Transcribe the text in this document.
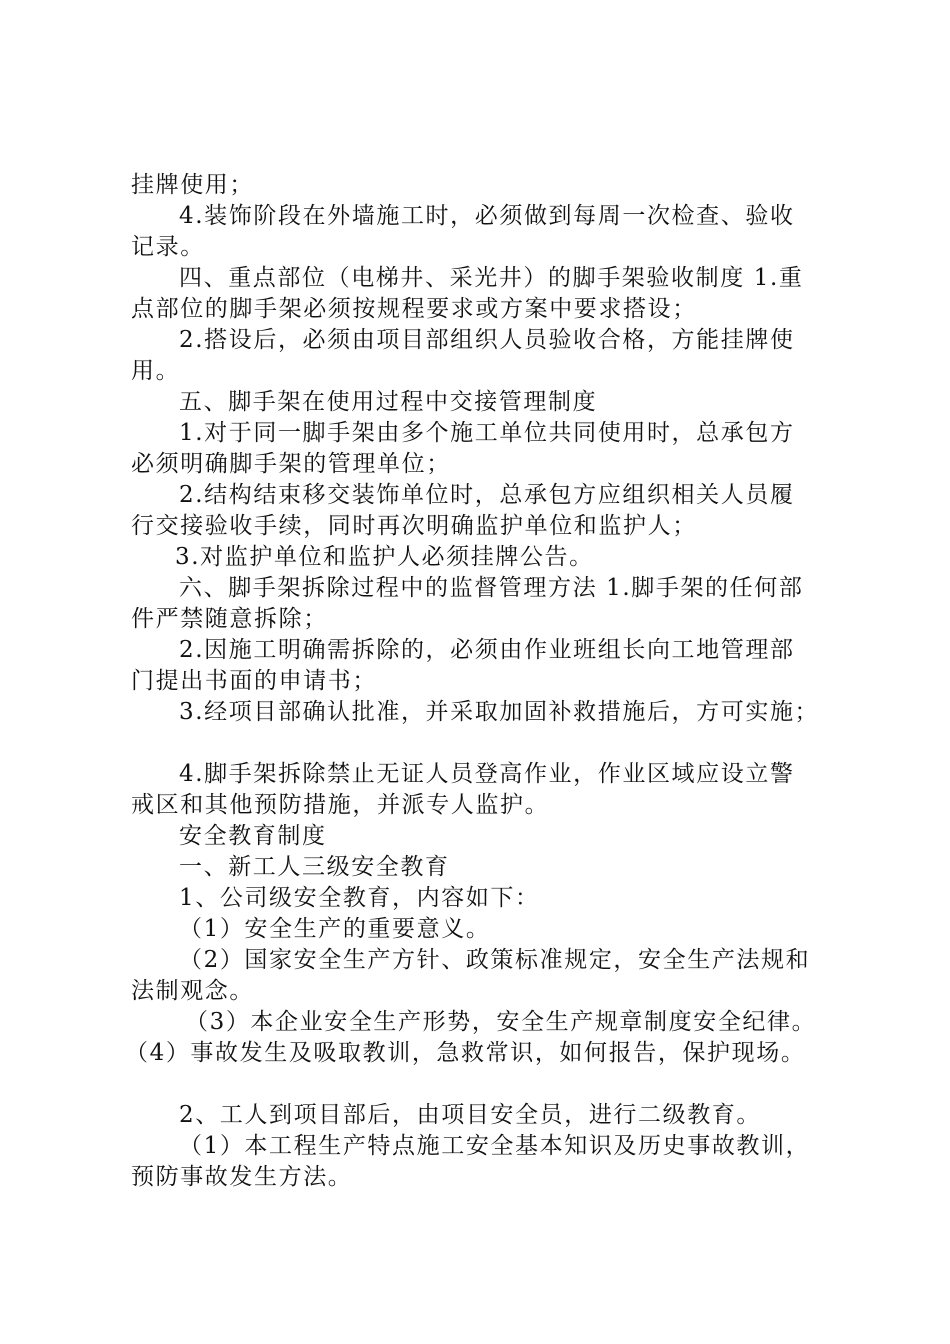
挂牌使用；
4.装饰阶段在外墙施工时，必须做到每周一次检查、验收
记录。
四、重点部位（电梯井、采光井）的脚手架验收制度 1.重
点部位的脚手架必须按规程要求或方案中要求搭设；
2.搭设后，必须由项目部组织人员验收合格，方能挂牌使
用。
五、脚手架在使用过程中交接管理制度
1.对于同一脚手架由多个施工单位共同使用时，总承包方
必须明确脚手架的管理单位；
2.结构结束移交装饰单位时，总承包方应组织相关人员履
行交接验收手续，同时再次明确监护单位和监护人；
3.对监护单位和监护人必须挂牌公告。
六、脚手架拆除过程中的监督管理方法 1.脚手架的任何部
件严禁随意拆除；
2.因施工明确需拆除的，必须由作业班组长向工地管理部
门提出书面的申请书；
3.经项目部确认批准，并采取加固补救措施后，方可实施；
4.脚手架拆除禁止无证人员登高作业，作业区域应设立警
戒区和其他预防措施，并派专人监护。
安全教育制度
一、新工人三级安全教育
1、公司级安全教育，内容如下：
（1）安全生产的重要意义。
（2）国家安全生产方针、政策标准规定，安全生产法规和
法制观念。
（3）本企业安全生产形势，安全生产规章制度安全纪律。
（4）事故发生及吸取教训，急救常识，如何报告，保护现场。
2、工人到项目部后，由项目安全员，进行二级教育。
（1）本工程生产特点施工安全基本知识及历史事故教训，
预防事故发生方法。
